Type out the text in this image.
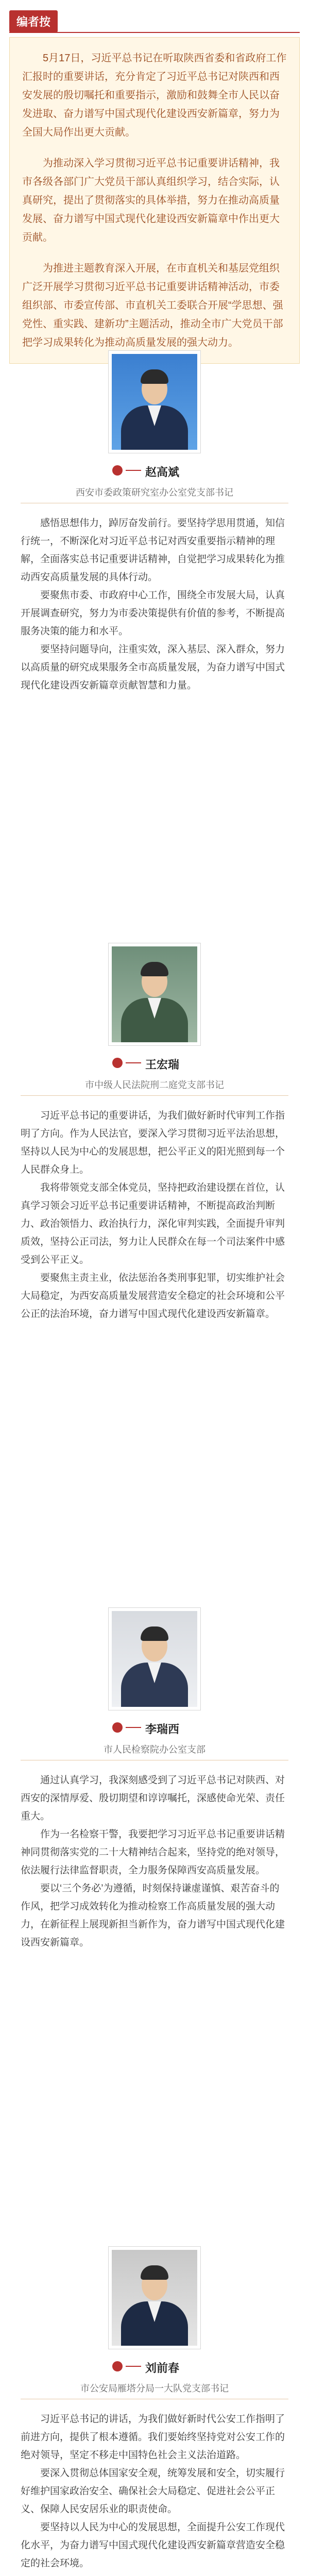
编者按

5月17日，习近平总书记在听取陕西省委和省政府工作汇报时的重要讲话，充分肯定了习近平总书记对陕西和西安发展的殷切嘱托和重要指示，激励和鼓舞全市人民以奋发进取、奋力谱写中国式现代化建设西安新篇章，努力为全国大局作出更大贡献。

为推动深入学习贯彻习近平总书记重要讲话精神，我市各级各部门广大党员干部认真组织学习，结合实际，认真研究，提出了贯彻落实的具体举措，努力在推动高质量发展、奋力谱写中国式现代化建设西安新篇章中作出更大贡献。

为推进主题教育深入开展，在市直机关和基层党组织广泛开展学习贯彻习近平总书记重要讲话精神活动，市委组织部、市委宣传部、市直机关工委联合开展“学思想、强党性、重实践、建新功”主题活动，推动全市广大党员干部把学习成果转化为推动高质量发展的强大动力。

赵高斌
西安市委政策研究室办公室党支部书记

感悟思想伟力，踔厉奋发前行。要坚持学思用贯通，知信行统一，不断深化对习近平总书记对西安重要指示精神的理解，全面落实总书记重要讲话精神，自觉把学习成果转化为推动西安高质量发展的具体行动。

要聚焦市委、市政府中心工作，围绕全市发展大局，认真开展调查研究，努力为市委决策提供有价值的参考，不断提高服务决策的能力和水平。

要坚持问题导向，注重实效，深入基层、深入群众，努力以高质量的研究成果服务全市高质量发展，为奋力谱写中国式现代化建设西安新篇章贡献智慧和力量。

王宏瑞
市中级人民法院刑二庭党支部书记

习近平总书记的重要讲话，为我们做好新时代审判工作指明了方向。作为人民法官，要深入学习贯彻习近平法治思想，坚持以人民为中心的发展思想，把公平正义的阳光照到每一个人民群众身上。

我将带领党支部全体党员，坚持把政治建设摆在首位，认真学习领会习近平总书记重要讲话精神，不断提高政治判断力、政治领悟力、政治执行力，深化审判实践，全面提升审判质效，坚持公正司法，努力让人民群众在每一个司法案件中感受到公平正义。

要聚焦主责主业，依法惩治各类刑事犯罪，切实维护社会大局稳定，为西安高质量发展营造安全稳定的社会环境和公平公正的法治环境，奋力谱写中国式现代化建设西安新篇章。

李瑞西
市人民检察院办公室支部

通过认真学习，我深刻感受到了习近平总书记对陕西、对西安的深情厚爱、殷切期望和谆谆嘱托，深感使命光荣、责任重大。

作为一名检察干警，我要把学习习近平总书记重要讲话精神同贯彻落实党的二十大精神结合起来，坚持党的绝对领导，依法履行法律监督职责，全力服务保障西安高质量发展。

要以‘三个务必’为遵循，时刻保持谦虚谨慎、艰苦奋斗的作风，把学习成效转化为推动检察工作高质量发展的强大动力，在新征程上展现新担当新作为，奋力谱写中国式现代化建设西安新篇章。

刘前春
市公安局雁塔分局一大队党支部书记

习近平总书记的讲话，为我们做好新时代公安工作指明了前进方向，提供了根本遵循。我们要始终坚持党对公安工作的绝对领导，坚定不移走中国特色社会主义法治道路。

要深入贯彻总体国家安全观，统筹发展和安全，切实履行好维护国家政治安全、确保社会大局稳定、促进社会公平正义、保障人民安居乐业的职责使命。

要坚持以人民为中心的发展思想，全面提升公安工作现代化水平，为奋力谱写中国式现代化建设西安新篇章营造安全稳定的社会环境。
